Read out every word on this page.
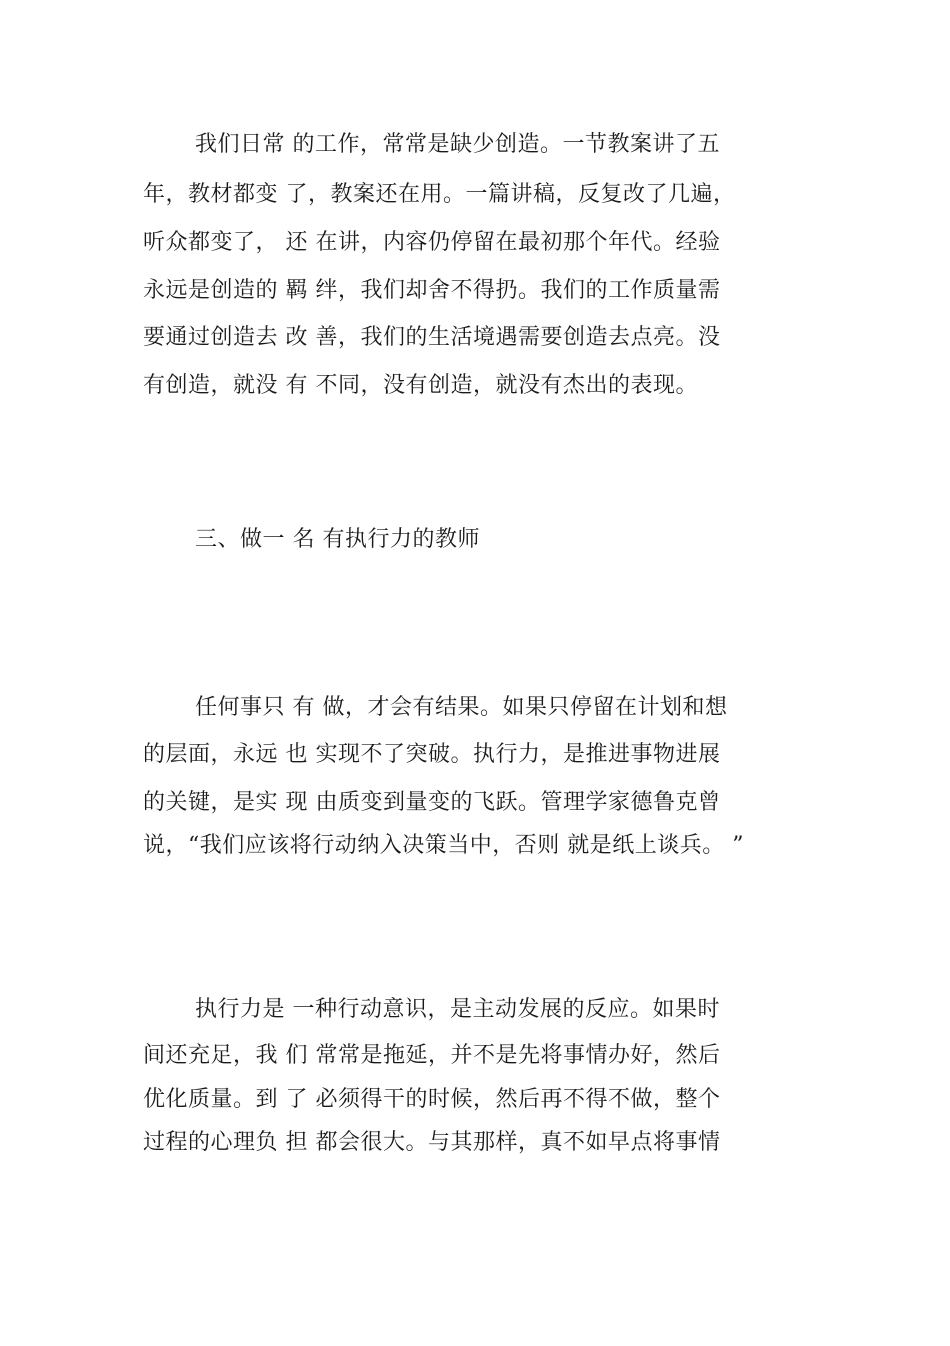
我们日常 的工作，常常是缺少创造。一节教案讲了五
年，教材都变 了，教案还在用。一篇讲稿，反复改了几遍，
听众都变了， 还 在讲，内容仍停留在最初那个年代。经验
永远是创造的 羁 绊，我们却舍不得扔。我们的工作质量需
要通过创造去 改 善，我们的生活境遇需要创造去点亮。没
有创造，就没 有 不同，没有创造，就没有杰出的表现。
三、做一 名 有执行力的教师
任何事只 有 做，才会有结果。如果只停留在计划和想
的层面，永远 也 实现不了突破。执行力，是推进事物进展
的关键，是实 现 由质变到量变的飞跃。管理学家德鲁克曾
说，“我们应该将行动纳入决策当中，否则 就是纸上谈兵。 ”
执行力是 一种行动意识，是主动发展的反应。如果时
间还充足，我 们 常常是拖延，并不是先将事情办好，然后
优化质量。到 了 必须得干的时候，然后再不得不做，整个
过程的心理负 担 都会很大。与其那样，真不如早点将事情
